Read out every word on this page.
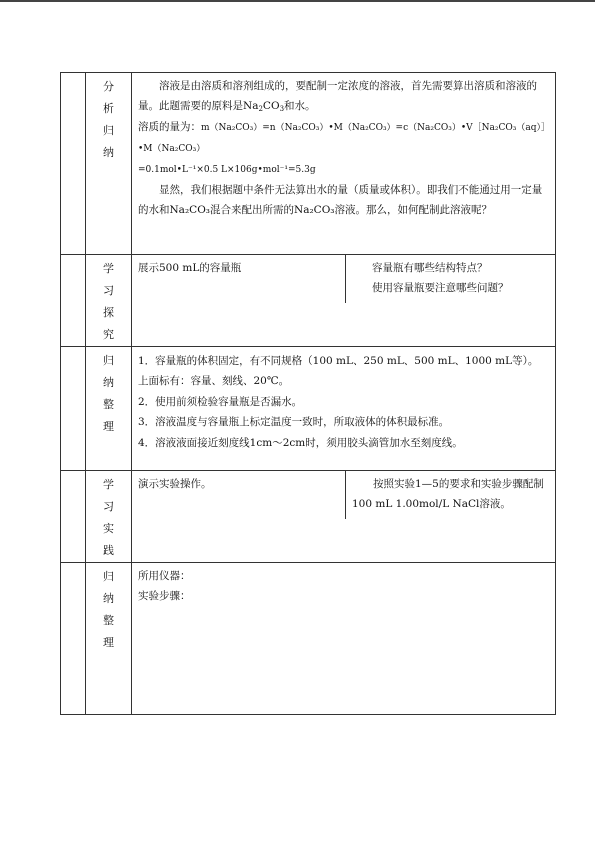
分
析
归
纳

溶液是由溶质和溶剂组成的，要配制一定浓度的溶液，首先需要算出溶质和溶液的量。此题需要的原料是$Na_2CO_3$和水。

溶质的量为：m（Na₂CO₃）=n（Na₂CO₃）•M（Na₂CO₃）=c（Na₂CO₃）•V［Na₂CO₃（aq）］•M（Na₂CO₃）

=0.1mol•L⁻¹×0.5 L×106g•mol⁻¹=5.3g

显然，我们根据题中条件无法算出水的量（质量或体积）。即我们不能通过用一定量的水和Na₂CO₃混合来配出所需的Na₂CO₃溶液。那么，如何配制此溶液呢？

学
习
探
究

展示500 mL的容量瓶	容量瓶有哪些结构特点？

使用容量瓶要注意哪些问题？

归
纳
整
理

1．容量瓶的体积固定，有不同规格（100 mL、250 mL、500 mL、1000 mL等）。上面标有：容量、刻线、20℃。

2．使用前须检验容量瓶是否漏水。

3．溶液温度与容量瓶上标定温度一致时，所取液体的体积最标准。

4．溶液液面接近刻度线1cm～2cm时，须用胶头滴管加水至刻度线。

学
习
实
践

演示实验操作。	按照实验1—5的要求和实验步骤配制100 mL 1.00mol/L NaCl溶液。

归
纳
整
理

所用仪器：

实验步骤：
